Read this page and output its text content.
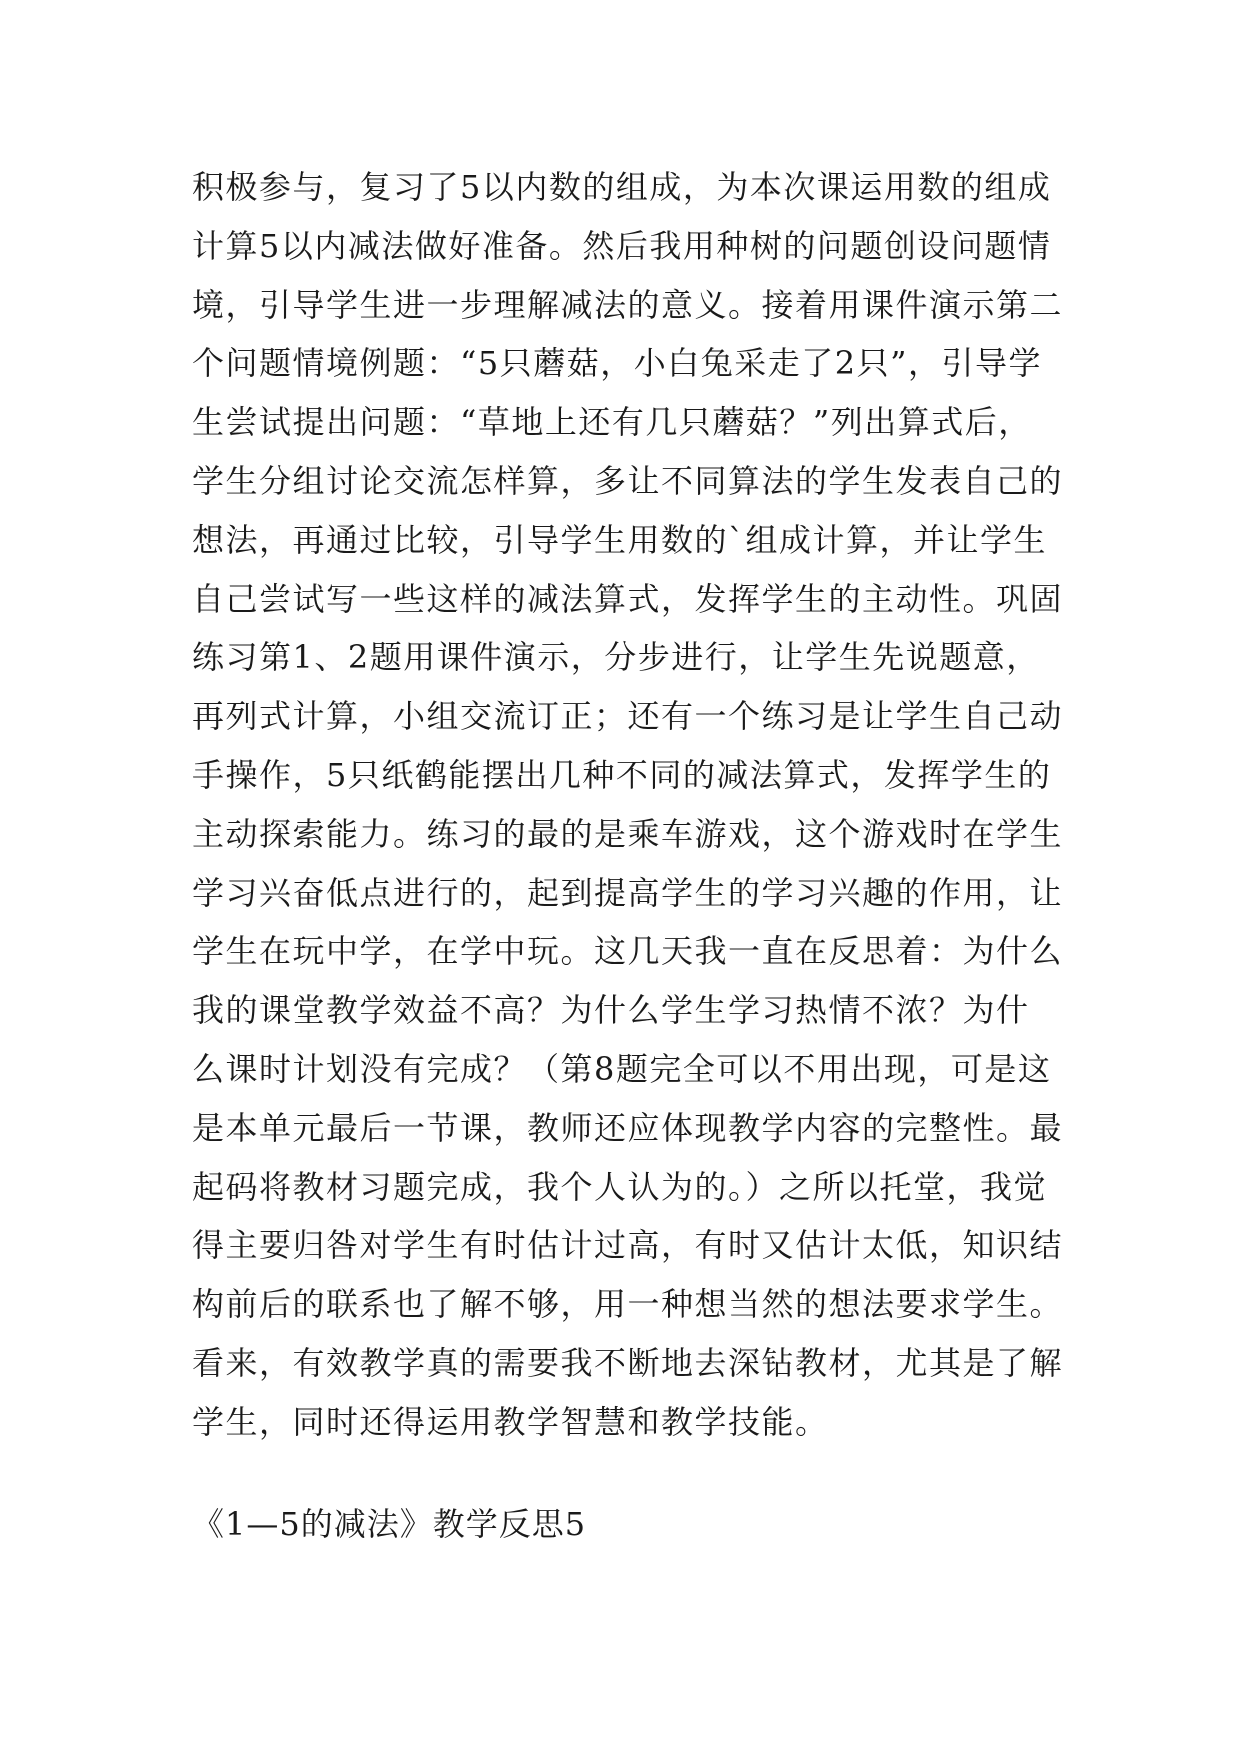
积极参与，复习了5以内数的组成，为本次课运用数的组成
计算5以内减法做好准备。然后我用种树的问题创设问题情
境，引导学生进一步理解减法的意义。接着用课件演示第二
个问题情境例题：“5只蘑菇，小白兔采走了2只”，引导学
生尝试提出问题：“草地上还有几只蘑菇？”列出算式后，
学生分组讨论交流怎样算，多让不同算法的学生发表自己的
想法，再通过比较，引导学生用数的`组成计算，并让学生
自己尝试写一些这样的减法算式，发挥学生的主动性。巩固
练习第1、2题用课件演示，分步进行，让学生先说题意，
再列式计算，小组交流订正；还有一个练习是让学生自己动
手操作，5只纸鹤能摆出几种不同的减法算式，发挥学生的
主动探索能力。练习的最的是乘车游戏，这个游戏时在学生
学习兴奋低点进行的，起到提高学生的学习兴趣的作用，让
学生在玩中学，在学中玩。这几天我一直在反思着：为什么
我的课堂教学效益不高？为什么学生学习热情不浓？为什
么课时计划没有完成？（第8题完全可以不用出现，可是这
是本单元最后一节课，教师还应体现教学内容的完整性。最
起码将教材习题完成，我个人认为的。）之所以托堂，我觉
得主要归咎对学生有时估计过高，有时又估计太低，知识结
构前后的联系也了解不够，用一种想当然的想法要求学生。
看来，有效教学真的需要我不断地去深钻教材，尤其是了解
学生，同时还得运用教学智慧和教学技能。
《1—5的减法》教学反思5
